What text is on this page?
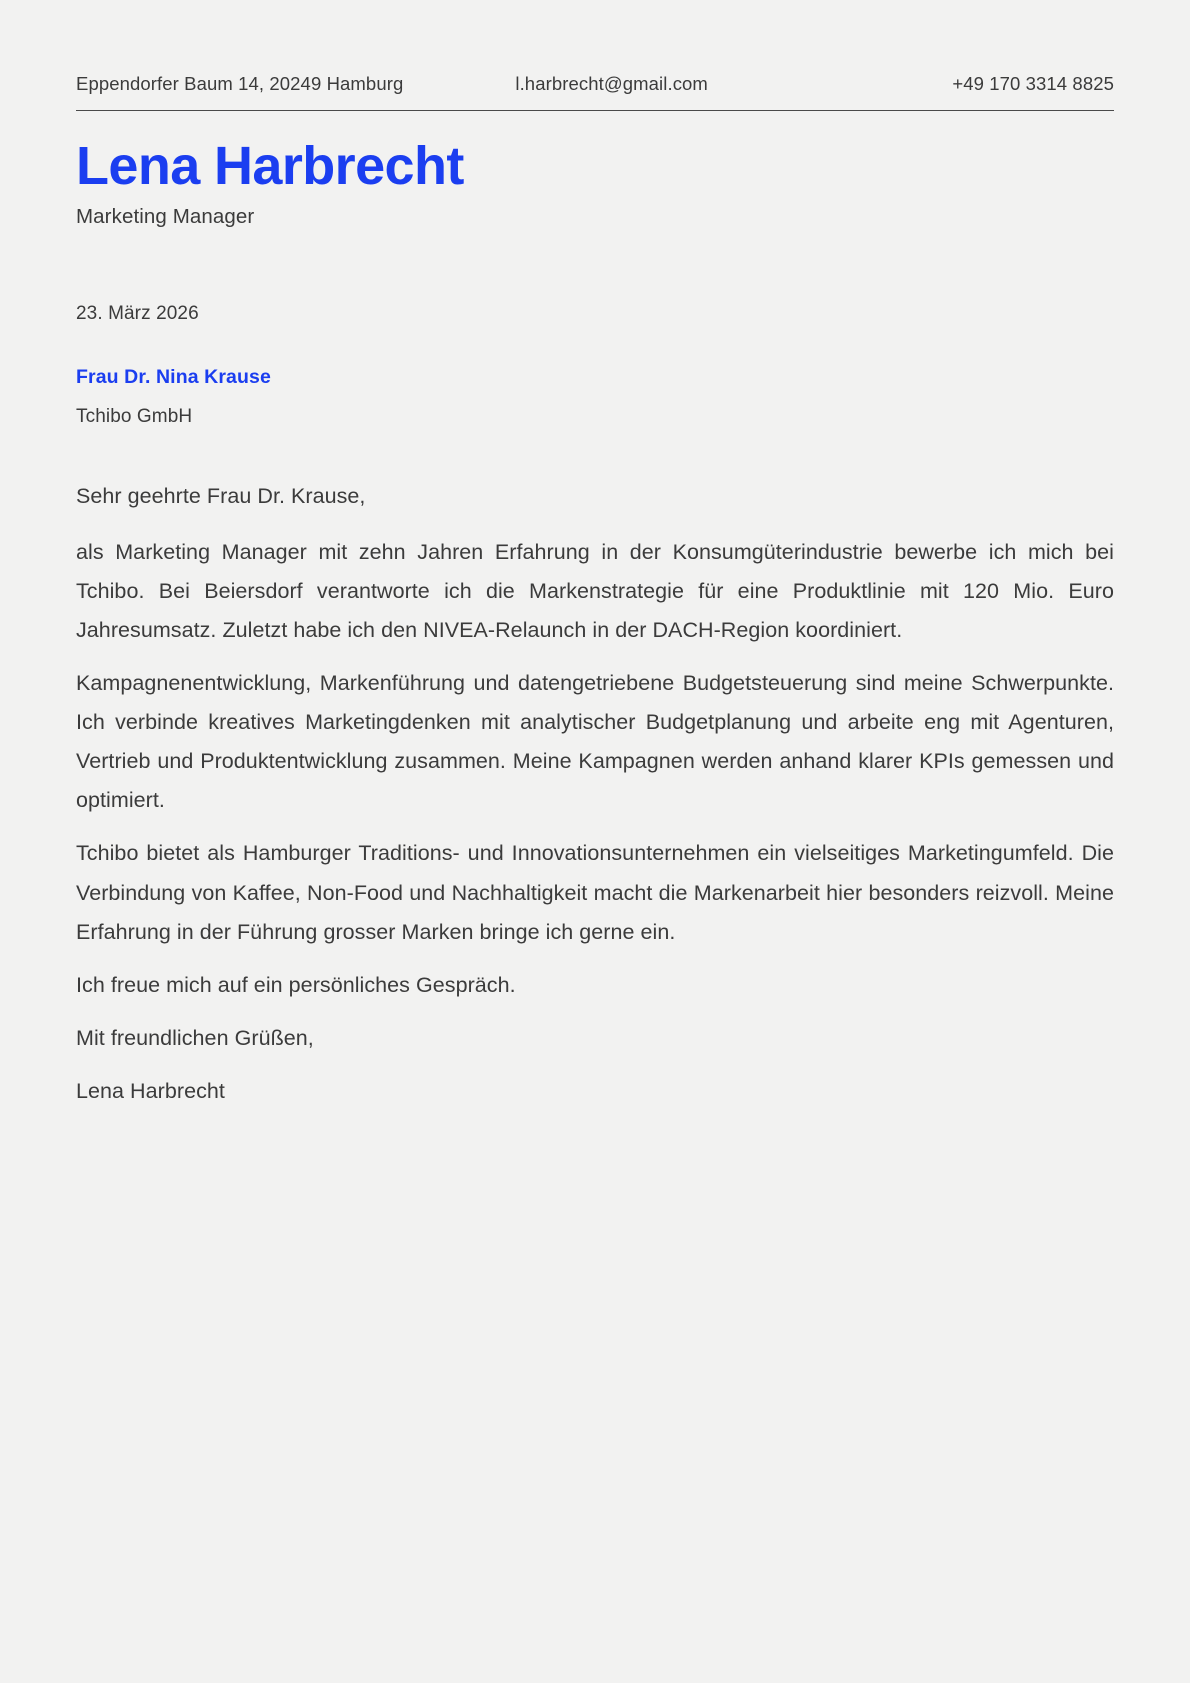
Eppendorfer Baum 14, 20249 Hamburg	l.harbrecht@gmail.com	+49 170 3314 8825
Lena Harbrecht
Marketing Manager
23. März 2026
Frau Dr. Nina Krause
Tchibo GmbH

Sehr geehrte Frau Dr. Krause,

als Marketing Manager mit zehn Jahren Erfahrung in der Konsumgüterindustrie bewerbe ich mich bei Tchibo. Bei Beiersdorf verantworte ich die Markenstrategie für eine Produktlinie mit 120 Mio. Euro Jahresumsatz. Zuletzt habe ich den NIVEA-Relaunch in der DACH-Region koordiniert.

Kampagnenentwicklung, Markenführung und datengetriebene Budgetsteuerung sind meine Schwerpunkte. Ich verbinde kreatives Marketingdenken mit analytischer Budgetplanung und arbeite eng mit Agenturen, Vertrieb und Produktentwicklung zusammen. Meine Kampagnen werden anhand klarer KPIs gemessen und optimiert.

Tchibo bietet als Hamburger Traditions- und Innovationsunternehmen ein vielseitiges Marketingumfeld. Die Verbindung von Kaffee, Non-Food und Nachhaltigkeit macht die Markenarbeit hier besonders reizvoll. Meine Erfahrung in der Führung grosser Marken bringe ich gerne ein.

Ich freue mich auf ein persönliches Gespräch.

Mit freundlichen Grüßen,

Lena Harbrecht
